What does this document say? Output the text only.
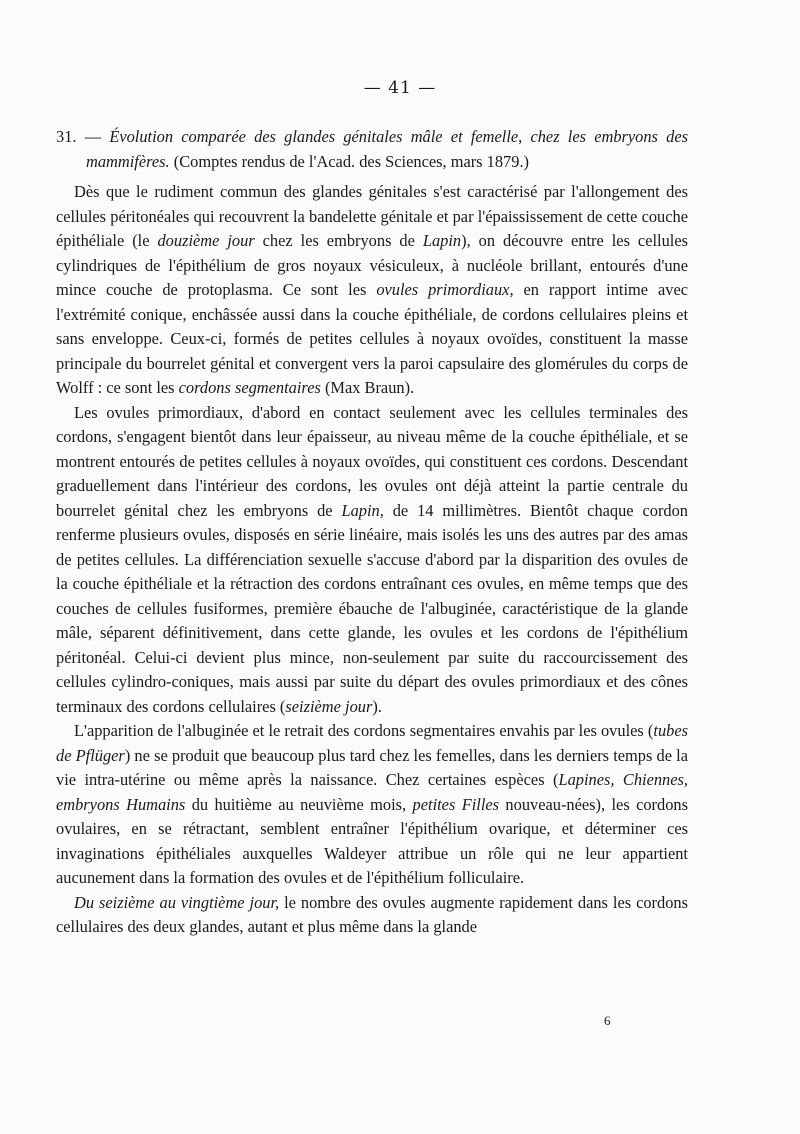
— 41 —

31. — Évolution comparée des glandes génitales mâle et femelle, chez les embryons des mammifères. (Comptes rendus de l'Acad. des Sciences, mars 1879.)

Dès que le rudiment commun des glandes génitales s'est caractérisé par l'allongement des cellules péritonéales qui recouvrent la bandelette génitale et par l'épaississement de cette couche épithéliale (le douzième jour chez les embryons de Lapin), on découvre entre les cellules cylindriques de l'épithélium de gros noyaux vésiculeux, à nucléole brillant, entourés d'une mince couche de protoplasma. Ce sont les ovules primordiaux, en rapport intime avec l'extrémité conique, enchâssée aussi dans la couche épithéliale, de cordons cellulaires pleins et sans enveloppe. Ceux-ci, formés de petites cellules à noyaux ovoïdes, constituent la masse principale du bourrelet génital et convergent vers la paroi capsulaire des glomérules du corps de Wolff : ce sont les cordons segmentaires (Max Braun).

Les ovules primordiaux, d'abord en contact seulement avec les cellules terminales des cordons, s'engagent bientôt dans leur épaisseur, au niveau même de la couche épithéliale, et se montrent entourés de petites cellules à noyaux ovoïdes, qui constituent ces cordons. Descendant graduellement dans l'intérieur des cordons, les ovules ont déjà atteint la partie centrale du bourrelet génital chez les embryons de Lapin, de 14 millimètres. Bientôt chaque cordon renferme plusieurs ovules, disposés en série linéaire, mais isolés les uns des autres par des amas de petites cellules. La différenciation sexuelle s'accuse d'abord par la disparition des ovules de la couche épithéliale et la rétraction des cordons entraînant ces ovules, en même temps que des couches de cellules fusiformes, première ébauche de l'albuginée, caractéristique de la glande mâle, séparent définitivement, dans cette glande, les ovules et les cordons de l'épithélium péritonéal. Celui-ci devient plus mince, non-seulement par suite du raccourcissement des cellules cylindro-coniques, mais aussi par suite du départ des ovules primordiaux et des cônes terminaux des cordons cellulaires (seizième jour).

L'apparition de l'albuginée et le retrait des cordons segmentaires envahis par les ovules (tubes de Pflüger) ne se produit que beaucoup plus tard chez les femelles, dans les derniers temps de la vie intra-utérine ou même après la naissance. Chez certaines espèces (Lapines, Chiennes, embryons Humains du huitième au neuvième mois, petites Filles nouveau-nées), les cordons ovulaires, en se rétractant, semblent entraîner l'épithélium ovarique, et déterminer ces invaginations épithéliales auxquelles Waldeyer attribue un rôle qui ne leur appartient aucunement dans la formation des ovules et de l'épithélium folliculaire.

Du seizième au vingtième jour, le nombre des ovules augmente rapidement dans les cordons cellulaires des deux glandes, autant et plus même dans la glande

6
